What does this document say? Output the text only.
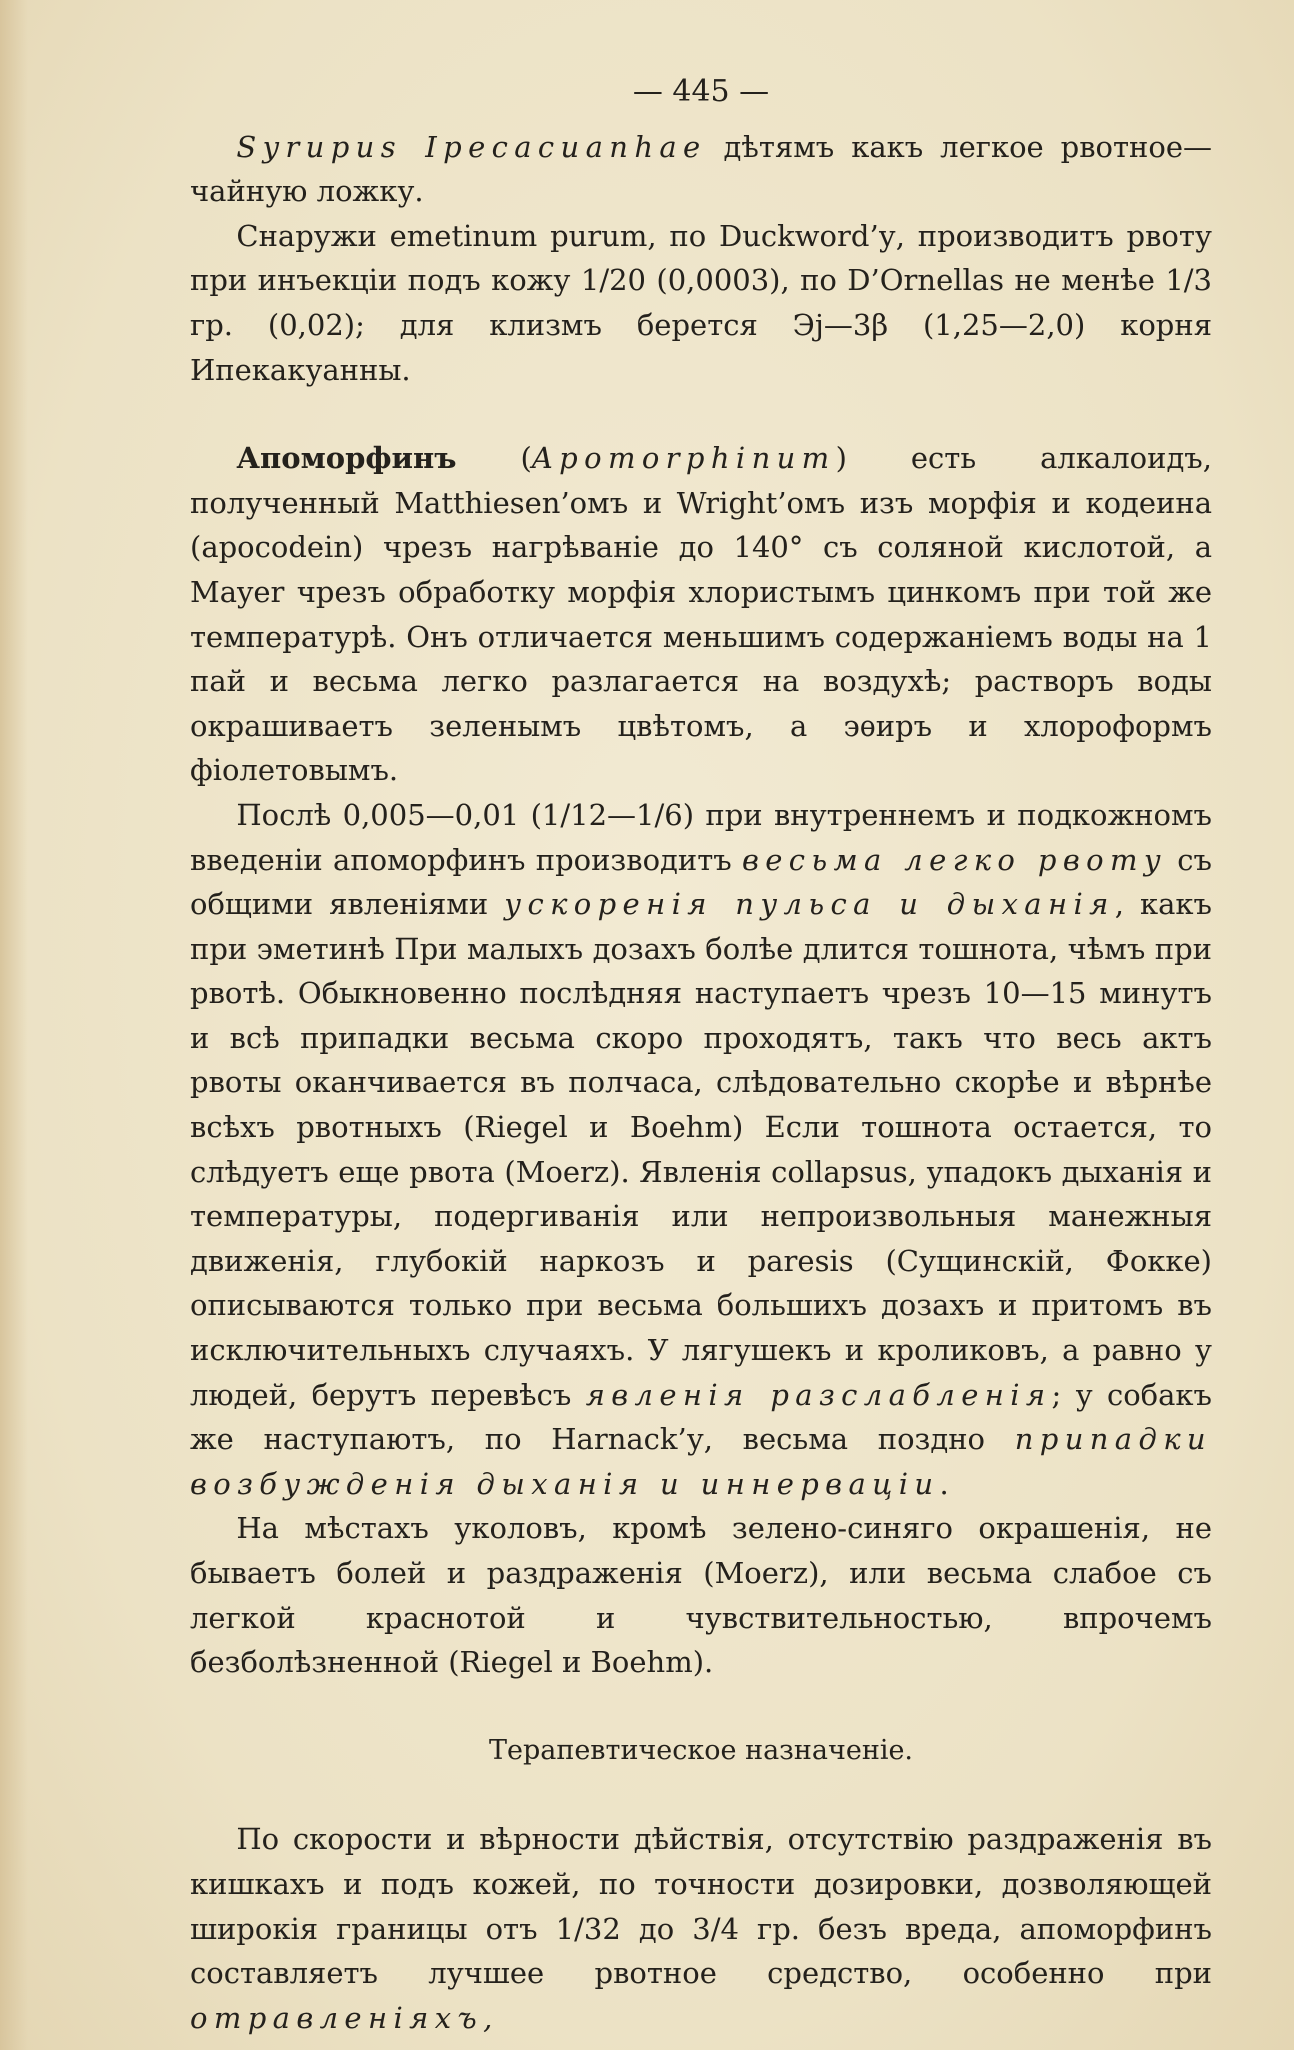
— 445 —

Syrupus Ipecacuanhae дѣтямъ какъ легкое рвотное— чайную ложку.

Снаружи emetinum purum, по Duckword’у, производитъ рвоту при инъекціи подъ кожу 1/20 (0,0003), по D’Ornellas не менѣе 1/3 гр. (0,02); для клизмъ берется Эj—3β (1,25—2,0) корня Ипекакуанны.

Апоморфинъ (Apomorphinum) есть алкалоидъ, полученный Matthiesen’омъ и Wright’омъ изъ морфія и кодеина (apocodein) чрезъ нагрѣваніе до 140° съ соляной кислотой, а Mayer чрезъ обработку морфія хлористымъ цинкомъ при той же температурѣ. Онъ отличается меньшимъ содержаніемъ воды на 1 пай и весьма легко разлагается на воздухѣ; растворъ воды окрашиваетъ зеленымъ цвѣтомъ, а эѳиръ и хлороформъ фіолетовымъ.

Послѣ 0,005—0,01 (1/12—1/6) при внутреннемъ и подкожномъ введеніи апоморфинъ производитъ весьма легко рвоту съ общими явленіями ускоренія пульса и дыханія, какъ при эметинѣ При малыхъ дозахъ болѣе длится тошнота, чѣмъ при рвотѣ. Обыкновенно послѣдняя наступаетъ чрезъ 10—15 минутъ и всѣ припадки весьма скоро проходятъ, такъ что весь актъ рвоты оканчивается въ полчаса, слѣдовательно скорѣе и вѣрнѣе всѣхъ рвотныхъ (Riegel и Boehm) Если тошнота остается, то слѣдуетъ еще рвота (Moerz). Явленія collapsus, упадокъ дыханія и температуры, подергиванія или непроизвольныя манежныя движенія, глубокій наркозъ и paresis (Сущинскій, Фокке) описываются только при весьма большихъ дозахъ и притомъ въ исключительныхъ случаяхъ. У лягушекъ и кроликовъ, а равно у людей, берутъ перевѣсъ явленія разслабленія; у собакъ же наступаютъ, по Harnack’у, весьма поздно припадки возбужденія дыханія и иннерваціи.

На мѣстахъ уколовъ, кромѣ зелено-синяго окрашенія, не бываетъ болей и раздраженія (Moerz), или весьма слабое съ легкой краснотой и чувствительностью, впрочемъ безболѣзненной (Riegel и Boehm).

Терапевтическое назначеніе.

По скорости и вѣрности дѣйствія, отсутствію раздраженія въ кишкахъ и подъ кожей, по точности дозировки, дозволяющей широкія границы отъ 1/32 до 3/4 гр. безъ вреда, апоморфинъ составляетъ лучшее рвотное средство, особенно при отравленіяхъ,
